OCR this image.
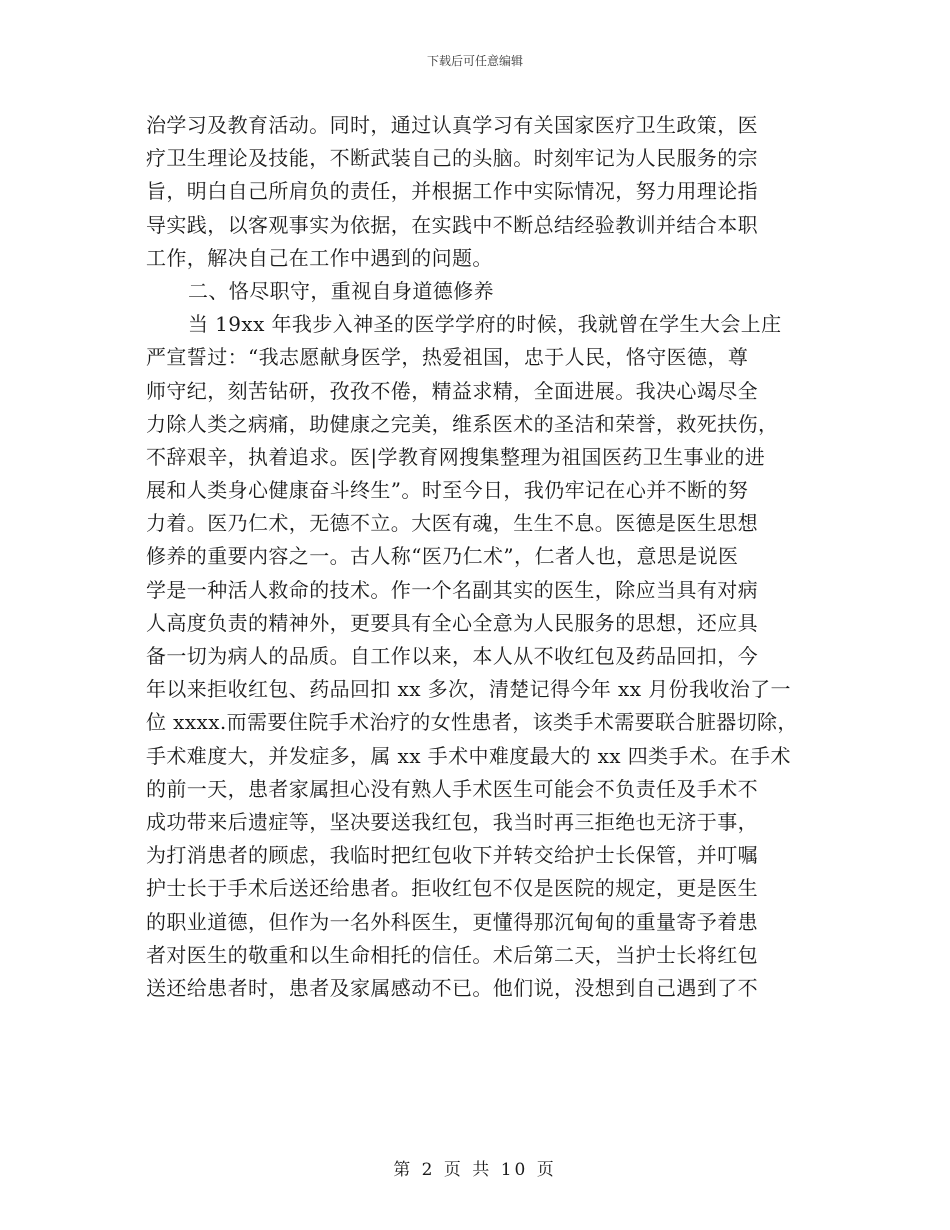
下载后可任意编辑
治学习及教育活动。同时，通过认真学习有关国家医疗卫生政策，医
疗卫生理论及技能，不断武装自己的头脑。时刻牢记为人民服务的宗
旨，明白自己所肩负的责任，并根据工作中实际情况，努力用理论指
导实践，以客观事实为依据，在实践中不断总结经验教训并结合本职
工作，解决自己在工作中遇到的问题。
二、恪尽职守，重视自身道德修养
当 19xx 年我步入神圣的医学学府的时候，我就曾在学生大会上庄
严宣誓过：“我志愿献身医学，热爱祖国，忠于人民，恪守医德，尊
师守纪，刻苦钻研，孜孜不倦，精益求精，全面进展。我决心竭尽全
力除人类之病痛，助健康之完美，维系医术的圣洁和荣誉，救死扶伤，
不辞艰辛，执着追求。医|学教育网搜集整理为祖国医药卫生事业的进
展和人类身心健康奋斗终生”。时至今日，我仍牢记在心并不断的努
力着。医乃仁术，无德不立。大医有魂，生生不息。医德是医生思想
修养的重要内容之一。古人称“医乃仁术”，仁者人也，意思是说医
学是一种活人救命的技术。作一个名副其实的医生，除应当具有对病
人高度负责的精神外，更要具有全心全意为人民服务的思想，还应具
备一切为病人的品质。自工作以来，本人从不收红包及药品回扣，今
年以来拒收红包、药品回扣 xx 多次，清楚记得今年 xx 月份我收治了一
位 xxxx.而需要住院手术治疗的女性患者，该类手术需要联合脏器切除，
手术难度大，并发症多，属 xx 手术中难度最大的 xx 四类手术。在手术
的前一天，患者家属担心没有熟人手术医生可能会不负责任及手术不
成功带来后遗症等，坚决要送我红包，我当时再三拒绝也无济于事，
为打消患者的顾虑，我临时把红包收下并转交给护士长保管，并叮嘱
护士长于手术后送还给患者。拒收红包不仅是医院的规定，更是医生
的职业道德，但作为一名外科医生，更懂得那沉甸甸的重量寄予着患
者对医生的敬重和以生命相托的信任。术后第二天，当护士长将红包
送还给患者时，患者及家属感动不已。他们说，没想到自己遇到了不
第 2 页 共 10 页
